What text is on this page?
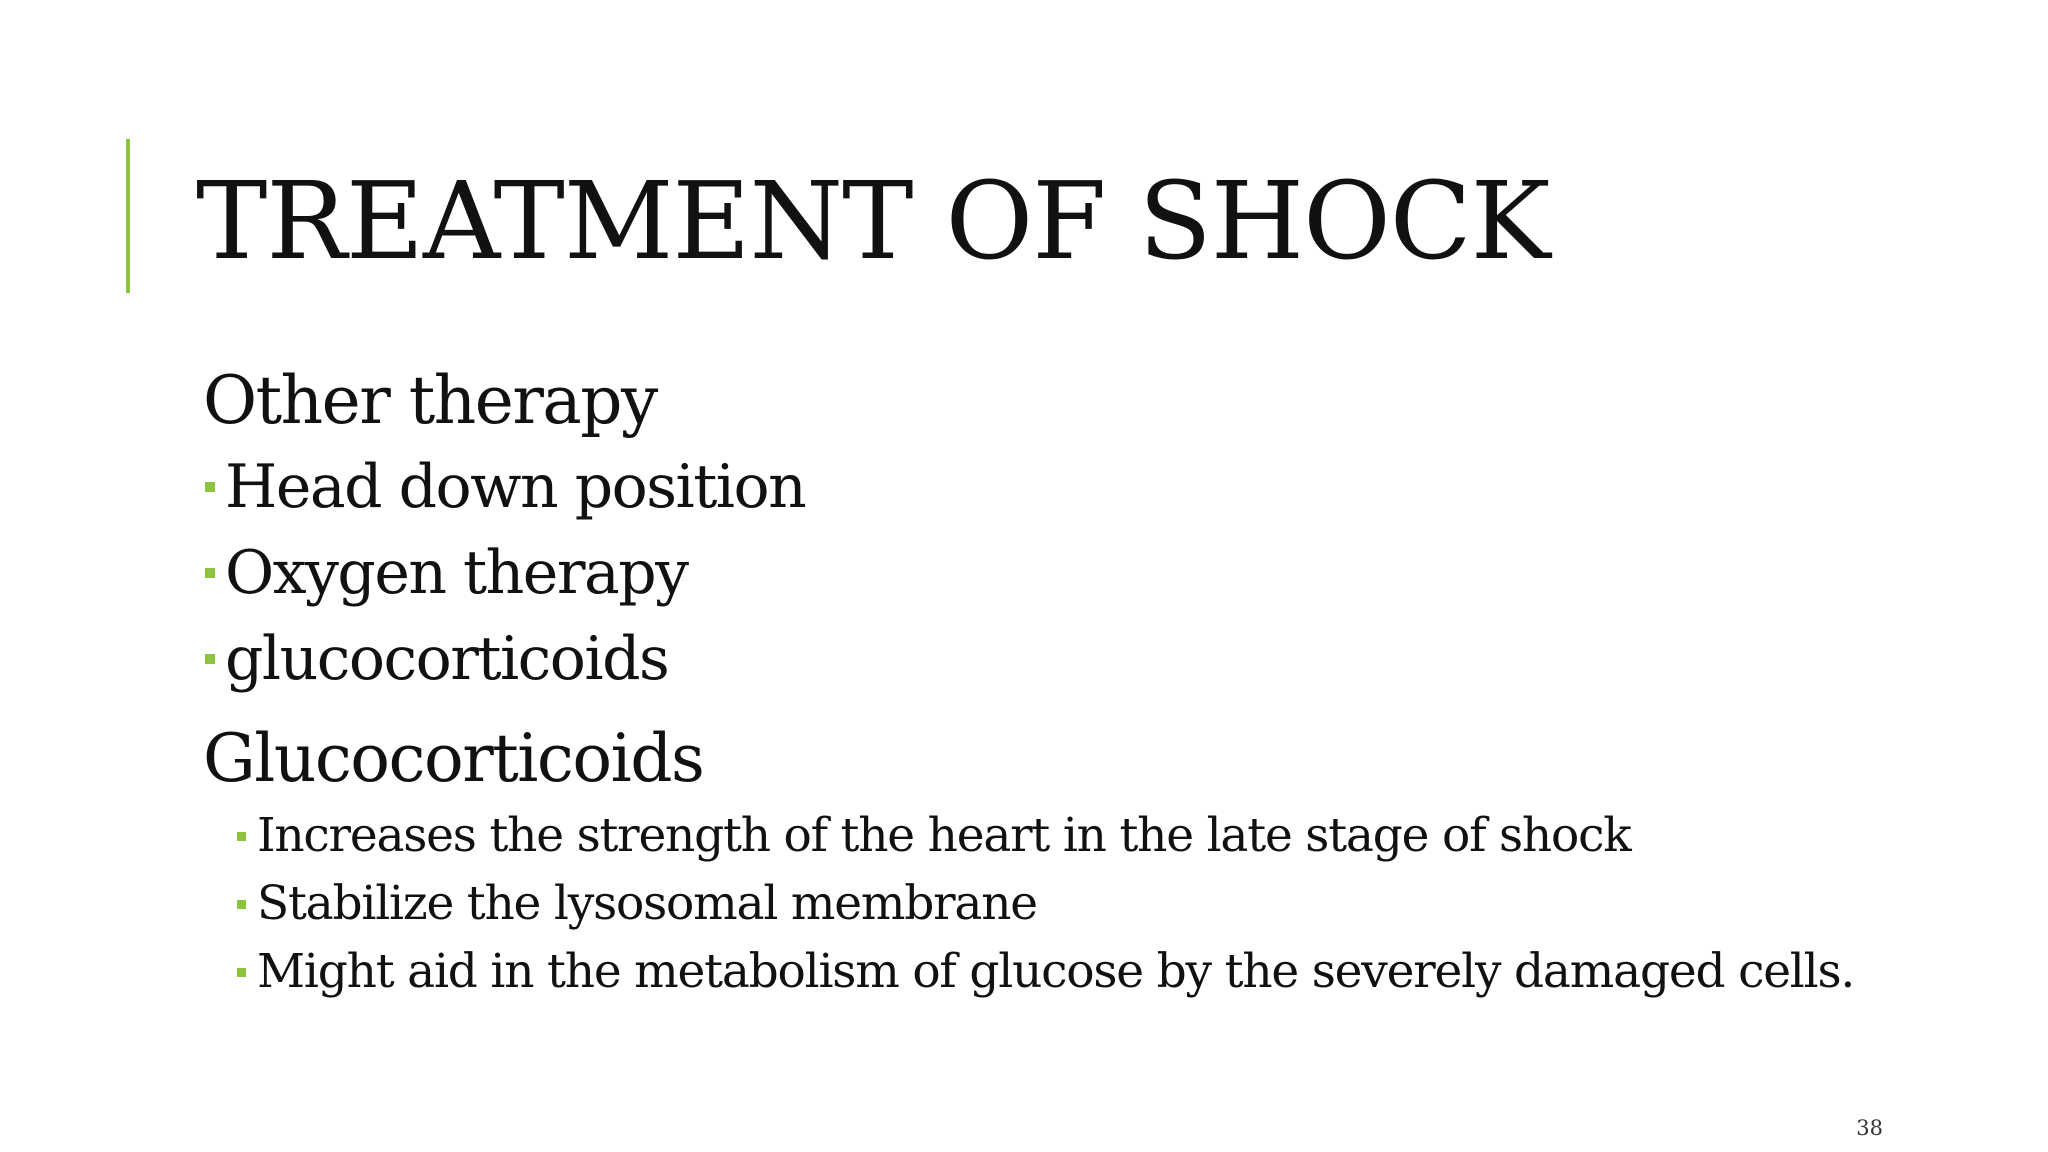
TREATMENT OF SHOCK

Other therapy

Head down position
Oxygen therapy
glucocorticoids

Glucocorticoids

Increases the strength of the heart in the late stage of shock
Stabilize the lysosomal membrane
Might aid in the metabolism of glucose by the severely damaged cells.
38
